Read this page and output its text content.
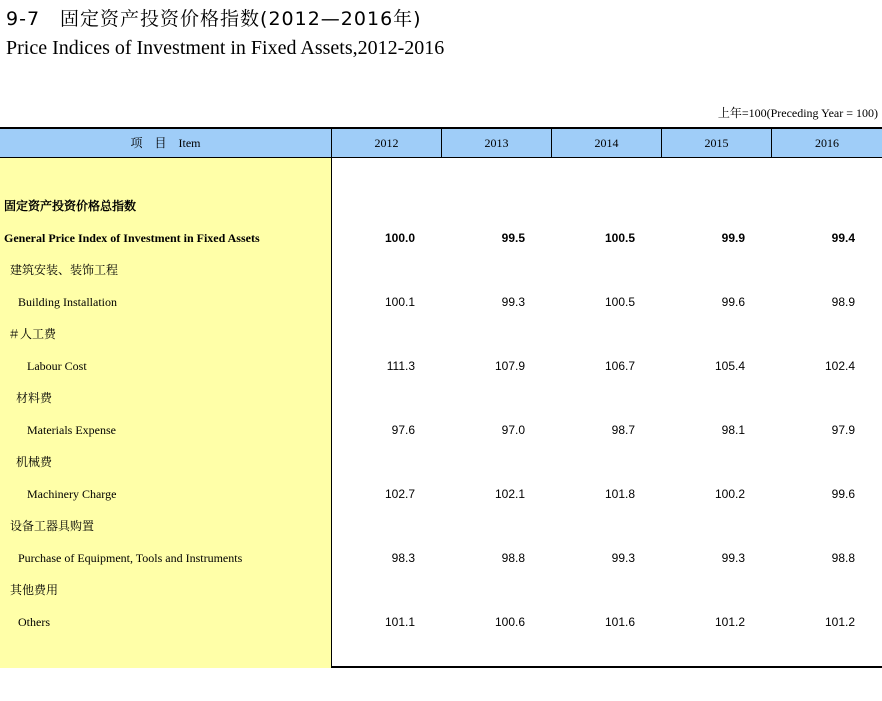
9-7　固定资产投资价格指数(2012—2016年)
Price Indices of Investment in Fixed Assets,2012-2016
上年=100(Preceding Year = 100)
项　目　Item	2012	2013	2014	2015	2016
固定资产投资价格总指数
General Price Index of Investment in Fixed Assets	100.0	99.5	100.5	99.9	99.4
建筑安装、装饰工程
Building Installation	100.1	99.3	100.5	99.6	98.9
＃人工费
Labour Cost	111.3	107.9	106.7	105.4	102.4
材料费
Materials Expense	97.6	97.0	98.7	98.1	97.9
机械费
Machinery Charge	102.7	102.1	101.8	100.2	99.6
设备工器具购置
Purchase of Equipment, Tools and Instruments	98.3	98.8	99.3	99.3	98.8
其他费用
Others	101.1	100.6	101.6	101.2	101.2
